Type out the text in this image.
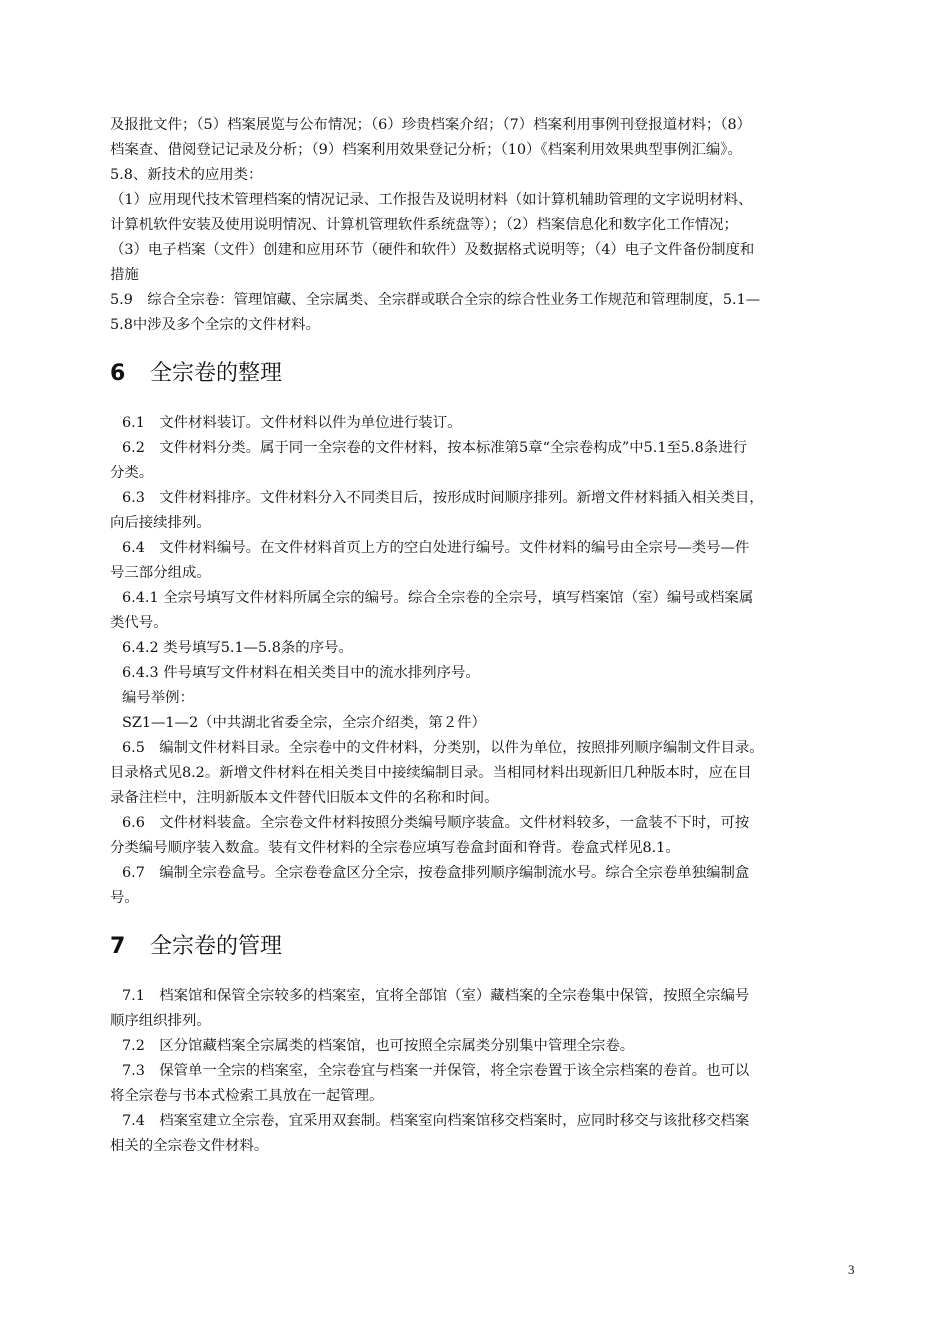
及报批文件；（5）档案展览与公布情况；（6）珍贵档案介绍；（7）档案利用事例刊登报道材料；（8）
档案查、借阅登记记录及分析；（9）档案利用效果登记分析；（10）《档案利用效果典型事例汇编》。
5.8、新技术的应用类：
（1）应用现代技术管理档案的情况记录、工作报告及说明材料（如计算机辅助管理的文字说明材料、
计算机软件安装及使用说明情况、计算机管理软件系统盘等）；（2）档案信息化和数字化工作情况；
（3）电子档案（文件）创建和应用环节（硬件和软件）及数据格式说明等；（4）电子文件备份制度和
措施
5.9　综合全宗卷：管理馆藏、全宗属类、全宗群或联合全宗的综合性业务工作规范和管理制度，5.1—
5.8中涉及多个全宗的文件材料。
6 全宗卷的整理
6.1　文件材料装订。文件材料以件为单位进行装订。
6.2　文件材料分类。属于同一全宗卷的文件材料，按本标准第5章“全宗卷构成”中5.1至5.8条进行
分类。
6.3　文件材料排序。文件材料分入不同类目后，按形成时间顺序排列。新增文件材料插入相关类目，
向后接续排列。
6.4　文件材料编号。在文件材料首页上方的空白处进行编号。文件材料的编号由全宗号—类号—件
号三部分组成。
6.4.1 全宗号填写文件材料所属全宗的编号。综合全宗卷的全宗号，填写档案馆（室）编号或档案属
类代号。
6.4.2 类号填写5.1—5.8条的序号。
6.4.3 件号填写文件材料在相关类目中的流水排列序号。
编号举例：
SZ1—1—2（中共湖北省委全宗，全宗介绍类，第２件）
6.5　编制文件材料目录。全宗卷中的文件材料，分类别，以件为单位，按照排列顺序编制文件目录。
目录格式见8.2。新增文件材料在相关类目中接续编制目录。当相同材料出现新旧几种版本时，应在目
录备注栏中，注明新版本文件替代旧版本文件的名称和时间。
6.6　文件材料装盒。全宗卷文件材料按照分类编号顺序装盒。文件材料较多，一盒装不下时，可按
分类编号顺序装入数盒。装有文件材料的全宗卷应填写卷盒封面和脊背。卷盒式样见8.1。
6.7　编制全宗卷盒号。全宗卷卷盒区分全宗，按卷盒排列顺序编制流水号。综合全宗卷单独编制盒
号。
7 全宗卷的管理
7.1　档案馆和保管全宗较多的档案室，宜将全部馆（室）藏档案的全宗卷集中保管，按照全宗编号
顺序组织排列。
7.2　区分馆藏档案全宗属类的档案馆，也可按照全宗属类分别集中管理全宗卷。
7.3　保管单一全宗的档案室，全宗卷宜与档案一并保管，将全宗卷置于该全宗档案的卷首。也可以
将全宗卷与书本式检索工具放在一起管理。
7.4　档案室建立全宗卷，宜采用双套制。档案室向档案馆移交档案时，应同时移交与该批移交档案
相关的全宗卷文件材料。
3
